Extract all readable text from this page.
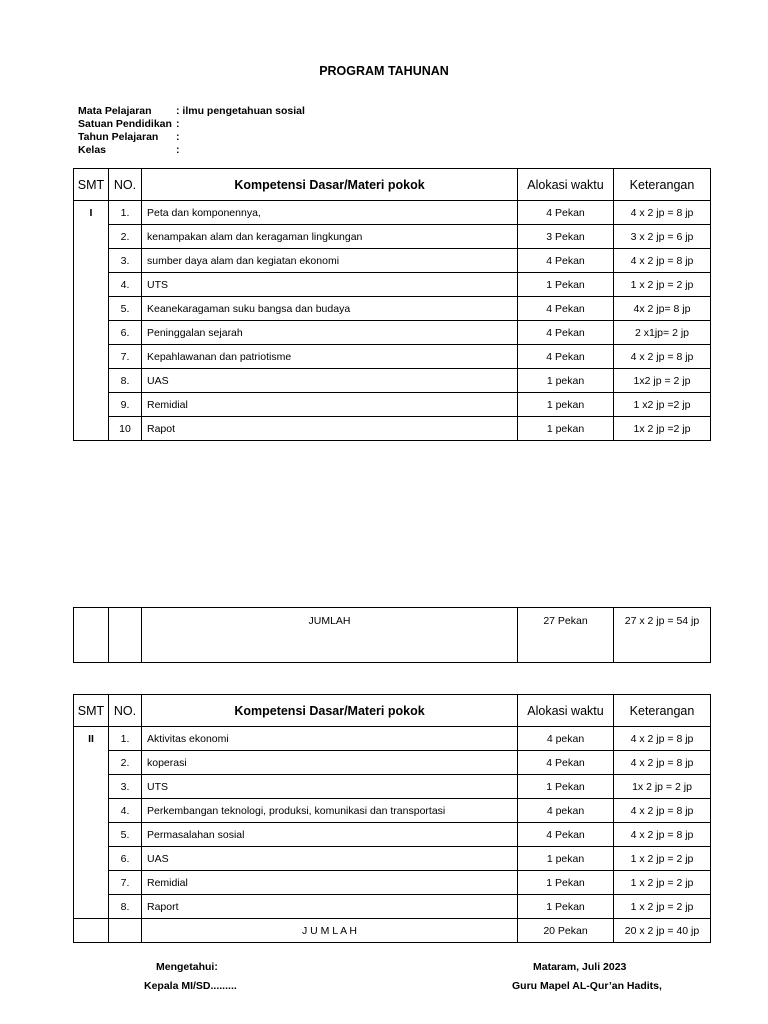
PROGRAM TAHUNAN
Mata Pelajaran	: ilmu pengetahuan sosial
Satuan Pendidikan :
Tahun Pelajaran	:
Kelas	:
SMT	NO.	Kompetensi Dasar/Materi pokok	Alokasi waktu	Keterangan
I	1.	Peta dan komponennya,	4 Pekan	4 x 2 jp = 8 jp
	2.	kenampakan alam dan keragaman lingkungan	3 Pekan	3 x 2 jp = 6 jp
	3.	sumber daya alam dan kegiatan ekonomi	4 Pekan	4 x 2 jp = 8 jp
	4.	UTS	1 Pekan	1 x 2 jp = 2 jp
	5.	Keanekaragaman suku bangsa dan budaya	4 Pekan	4x 2 jp= 8 jp
	6.	Peninggalan sejarah	4 Pekan	2 x1jp= 2 jp
	7.	Kepahlawanan dan patriotisme	4 Pekan	4 x 2 jp = 8 jp
	8.	UAS	1 pekan	1x2 jp = 2 jp
	9.	Remidial	1 pekan	1 x2 jp =2 jp
	10	Rapot	1 pekan	1x 2 jp =2 jp
		JUMLAH	27 Pekan	27 x 2 jp = 54 jp
SMT	NO.	Kompetensi Dasar/Materi pokok	Alokasi waktu	Keterangan
II	1.	Aktivitas ekonomi	4 pekan	4 x 2 jp = 8 jp
	2.	koperasi	4 Pekan	4 x 2 jp = 8 jp
	3.	UTS	1 Pekan	1x 2 jp = 2 jp
	4.	Perkembangan teknologi, produksi, komunikasi dan transportasi	4 pekan	4 x 2 jp = 8 jp
	5.	Permasalahan sosial	4 Pekan	4 x 2 jp = 8 jp
	6.	UAS	1 pekan	1 x 2 jp = 2 jp
	7.	Remidial	1 Pekan	1 x 2 jp = 2 jp
	8.	Raport	1 Pekan	1 x 2 jp = 2 jp
		J U M L A H	20 Pekan	20 x 2 jp = 40 jp
Mengetahui:
Kepala MI/SD.........
Mataram, Juli 2023
Guru Mapel AL-Qur’an Hadits,
